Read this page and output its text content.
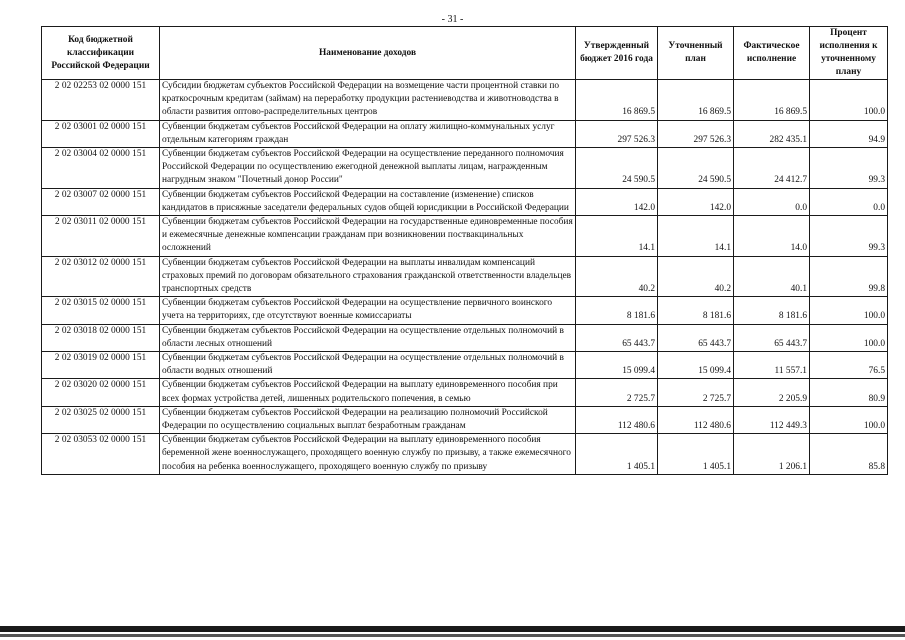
- 31 -
Код бюджетной классификации Российской Федерации	Наименование доходов	Утвержденный бюджет 2016 года	Уточненный план	Фактическое исполнение	Процент исполнения к уточненному плану
2 02 02253 02 0000 151	Субсидии бюджетам субъектов Российской Федерации на возмещение части процентной ставки по краткосрочным кредитам (займам) на переработку продукции растениеводства и животноводства в области развития оптово-распределительных центров	16 869.5	16 869.5	16 869.5	100.0
2 02 03001 02 0000 151	Субвенции бюджетам субъектов Российской Федерации на оплату жилищно-коммунальных услуг отдельным категориям граждан	297 526.3	297 526.3	282 435.1	94.9
2 02 03004 02 0000 151	Субвенции бюджетам субъектов Российской Федерации на осуществление переданного полномочия Российской Федерации по осуществлению ежегодной денежной выплаты лицам, награжденным нагрудным знаком "Почетный донор России"	24 590.5	24 590.5	24 412.7	99.3
2 02 03007 02 0000 151	Субвенции бюджетам субъектов Российской Федерации на составление (изменение) списков кандидатов в присяжные заседатели федеральных судов общей юрисдикции в Российской Федерации	142.0	142.0	0.0	0.0
2 02 03011 02 0000 151	Субвенции бюджетам субъектов Российской Федерации на государственные единовременные пособия и ежемесячные денежные компенсации гражданам при возникновении поствакцинальных осложнений	14.1	14.1	14.0	99.3
2 02 03012 02 0000 151	Субвенции бюджетам субъектов Российской Федерации на выплаты инвалидам компенсаций страховых премий по договорам обязательного страхования гражданской ответственности владельцев транспортных средств	40.2	40.2	40.1	99.8
2 02 03015 02 0000 151	Субвенции бюджетам субъектов Российской Федерации на осуществление первичного воинского учета на территориях, где отсутствуют военные комиссариаты	8 181.6	8 181.6	8 181.6	100.0
2 02 03018 02 0000 151	Субвенции бюджетам субъектов Российской Федерации на осуществление отдельных полномочий в области лесных отношений	65 443.7	65 443.7	65 443.7	100.0
2 02 03019 02 0000 151	Субвенции бюджетам субъектов Российской Федерации на осуществление отдельных полномочий в области водных отношений	15 099.4	15 099.4	11 557.1	76.5
2 02 03020 02 0000 151	Субвенции бюджетам субъектов Российской Федерации на выплату единовременного пособия при всех формах устройства детей, лишенных родительского попечения, в семью	2 725.7	2 725.7	2 205.9	80.9
2 02 03025 02 0000 151	Субвенции бюджетам субъектов Российской Федерации на реализацию полномочий Российской Федерации по осуществлению социальных выплат безработным гражданам	112 480.6	112 480.6	112 449.3	100.0
2 02 03053 02 0000 151	Субвенции бюджетам субъектов Российской Федерации на выплату единовременного пособия беременной жене военнослужащего, проходящего военную службу по призыву, а также ежемесячного пособия на ребенка военнослужащего, проходящего военную службу по призыву	1 405.1	1 405.1	1 206.1	85.8
